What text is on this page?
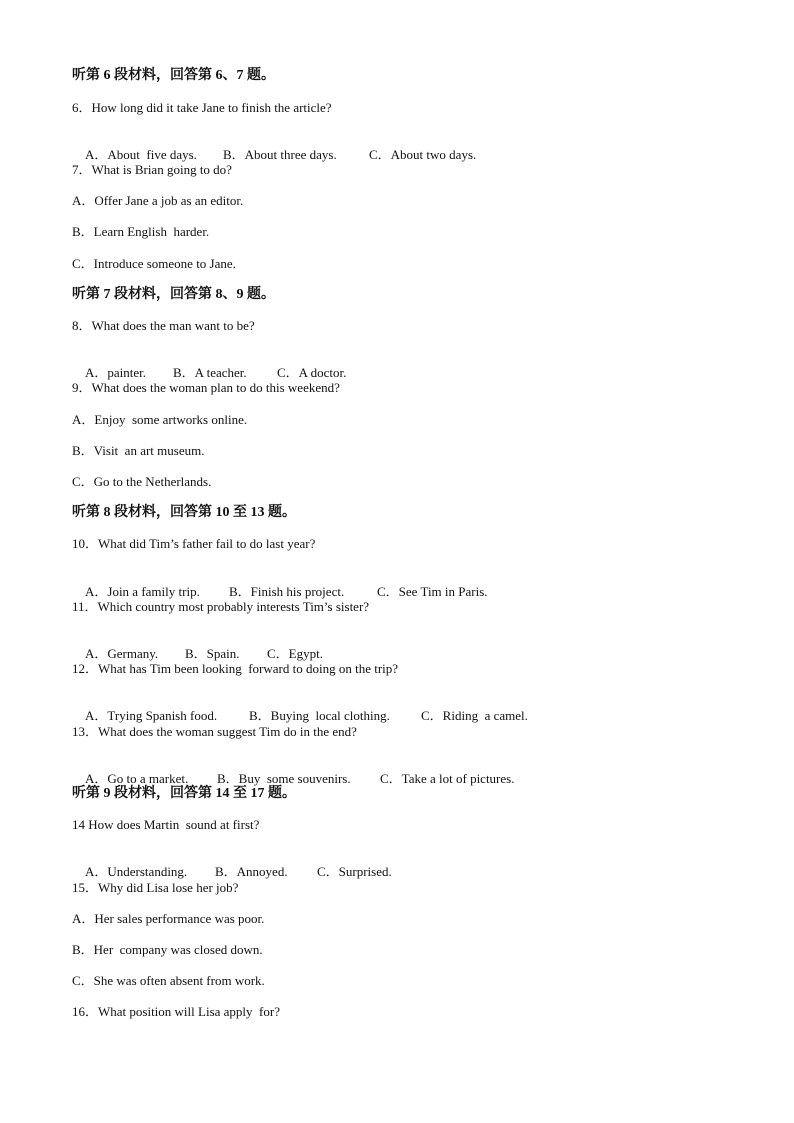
听第 6 段材料，回答第 6、7 题。
6．How long did it take Jane to finish the article?

A．About  five days. B．About three days. C．About two days.

7．What is Brian going to do?
A．Offer Jane a job as an editor.
B．Learn English  harder.
C．Introduce someone to Jane.
听第 7 段材料，回答第 8、9 题。
8．What does the man want to be?

A．painter. B．A teacher. C．A doctor.

9．What does the woman plan to do this weekend?
A．Enjoy  some artworks online.
B．Visit  an art museum.
C．Go to the Netherlands.
听第 8 段材料，回答第 10 至 13 题。
10．What did Tim’s father fail to do last year?

A．Join a family trip. B．Finish his project.	C．See Tim in Paris.

11．Which country most probably interests Tim’s sister?

A．Germany. B．Spain. C．Egypt.

12．What has Tim been looking  forward to doing on the trip?

A．Trying Spanish food. B．Buying  local clothing. C．Riding  a camel.

13．What does the woman suggest Tim do in the end?

A．Go to a market. B．Buy  some souvenirs. C．Take a lot of pictures.

听第 9 段材料，回答第 14 至 17 题。
14 How does Martin  sound at first?

A．Understanding. B．Annoyed. C．Surprised.

15．Why did Lisa lose her job?
A．Her sales performance was poor.
B．Her  company was closed down.
C．She was often absent from work.
16．What position will Lisa apply  for?
